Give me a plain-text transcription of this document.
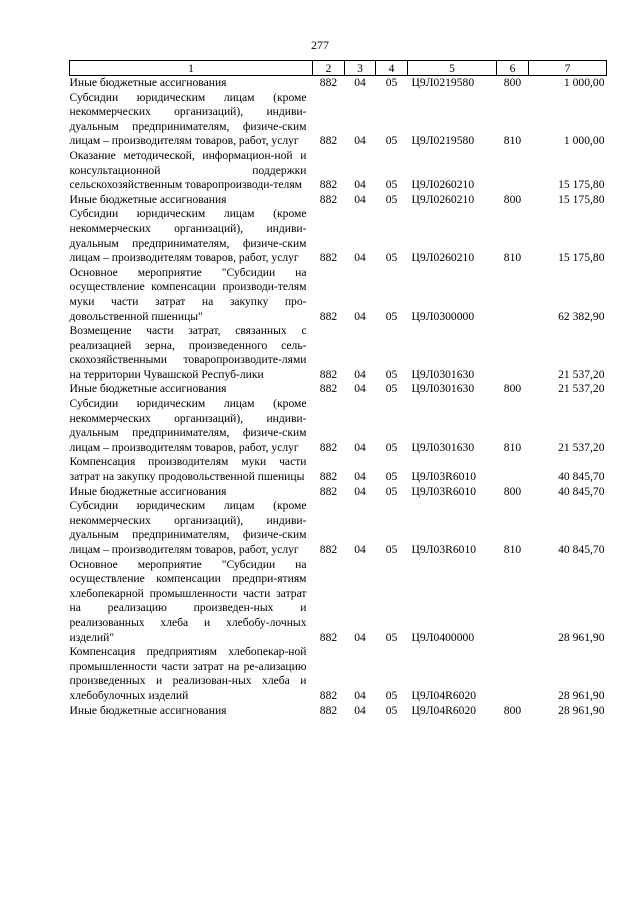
277
1	2	3	4	5	6	7
Иные бюджетные ассигнования	882	04	05	Ц9Л0219580	800	1 000,00
Субсидии юридическим лицам (кроме некоммерческих организаций), индиви-дуальным предпринимателям, физиче-ским лицам – производителям товаров, работ, услуг	882	04	05	Ц9Л0219580	810	1 000,00
Оказание методической, информацион-ной и консультационной поддержки сельскохозяйственным товаропроизводи-телям	882	04	05	Ц9Л0260210		15 175,80
Иные бюджетные ассигнования	882	04	05	Ц9Л0260210	800	15 175,80
Субсидии юридическим лицам (кроме некоммерческих организаций), индиви-дуальным предпринимателям, физиче-ским лицам – производителям товаров, работ, услуг	882	04	05	Ц9Л0260210	810	15 175,80
Основное мероприятие "Субсидии на осуществление компенсации производи-телям муки части затрат на закупку про-довольственной пшеницы"	882	04	05	Ц9Л0300000		62 382,90
Возмещение части затрат, связанных с реализацией зерна, произведенного сель-скохозяйственными товаропроизводите-лями на территории Чувашской Респуб-лики	882	04	05	Ц9Л0301630		21 537,20
Иные бюджетные ассигнования	882	04	05	Ц9Л0301630	800	21 537,20
Субсидии юридическим лицам (кроме некоммерческих организаций), индиви-дуальным предпринимателям, физиче-ским лицам – производителям товаров, работ, услуг	882	04	05	Ц9Л0301630	810	21 537,20
Компенсация производителям муки части затрат на закупку продовольственной пшеницы	882	04	05	Ц9Л03R6010		40 845,70
Иные бюджетные ассигнования	882	04	05	Ц9Л03R6010	800	40 845,70
Субсидии юридическим лицам (кроме некоммерческих организаций), индиви-дуальным предпринимателям, физиче-ским лицам – производителям товаров, работ, услуг	882	04	05	Ц9Л03R6010	810	40 845,70
Основное мероприятие "Субсидии на осуществление компенсации предпри-ятиям хлебопекарной промышленности части затрат на реализацию произведен-ных и реализованных хлеба и хлебобу-лочных изделий"	882	04	05	Ц9Л0400000		28 961,90
Компенсация предприятиям хлебопекар-ной промышленности части затрат на ре-ализацию произведенных и реализован-ных хлеба и хлебобулочных изделий	882	04	05	Ц9Л04R6020		28 961,90
Иные бюджетные ассигнования	882	04	05	Ц9Л04R6020	800	28 961,90
